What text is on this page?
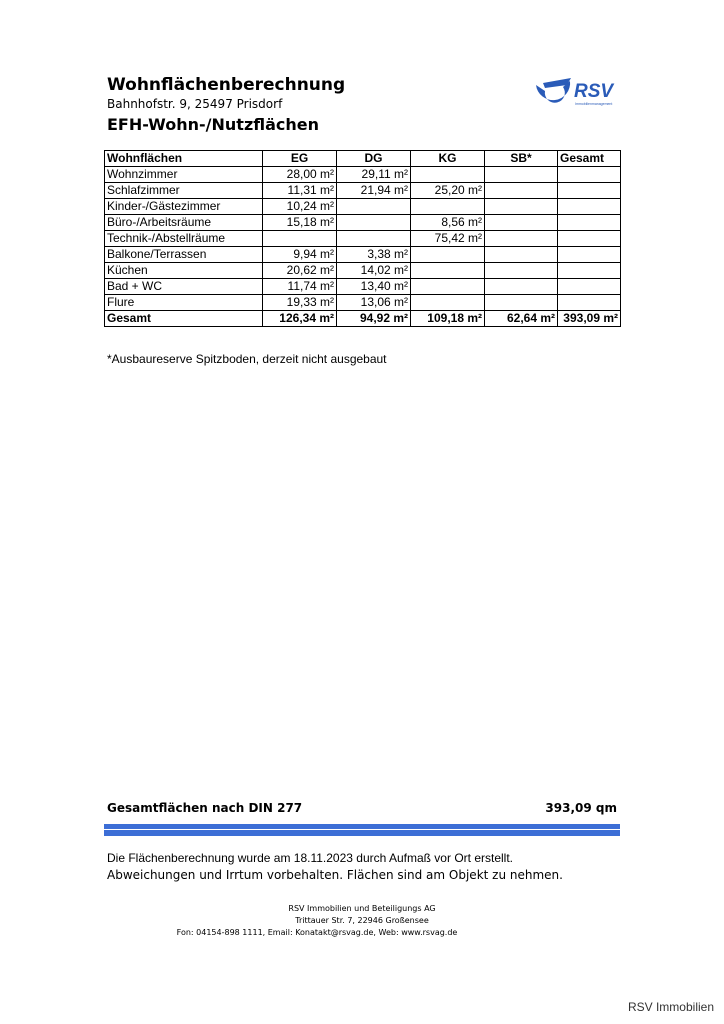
Wohnflächenberechnung
Bahnhofstr. 9, 25497 Prisdorf
EFH-Wohn-/Nutzflächen
RSV
Immobilienmanagement
Wohnflächen	EG	DG	KG	SB*	Gesamt
Wohnzimmer	28,00 m²	29,11 m²			
Schlafzimmer	11,31 m²	21,94 m²	25,20 m²		
Kinder-/Gästezimmer	10,24 m²				
Büro-/Arbeitsräume	15,18 m²		8,56 m²		
Technik-/Abstellräume			75,42 m²		
Balkone/Terrassen	9,94 m²	3,38 m²			
Küchen	20,62 m²	14,02 m²			
Bad + WC	11,74 m²	13,40 m²			
Flure	19,33 m²	13,06 m²			
Gesamt	126,34 m²	94,92 m²	109,18 m²	62,64 m²	393,09 m²
*Ausbaureserve Spitzboden, derzeit nicht ausgebaut
Gesamtflächen nach DIN 277	393,09 qm
Die Flächenberechnung wurde am 18.11.2023 durch Aufmaß vor Ort erstellt.
Abweichungen und Irrtum vorbehalten. Flächen sind am Objekt zu nehmen.
RSV Immobilien und Beteiligungs AG
Trittauer Str. 7, 22946 Großensee
Fon: 04154-898 1111, Email: Konatakt@rsvag.de, Web: www.rsvag.de
RSV Immobilien
